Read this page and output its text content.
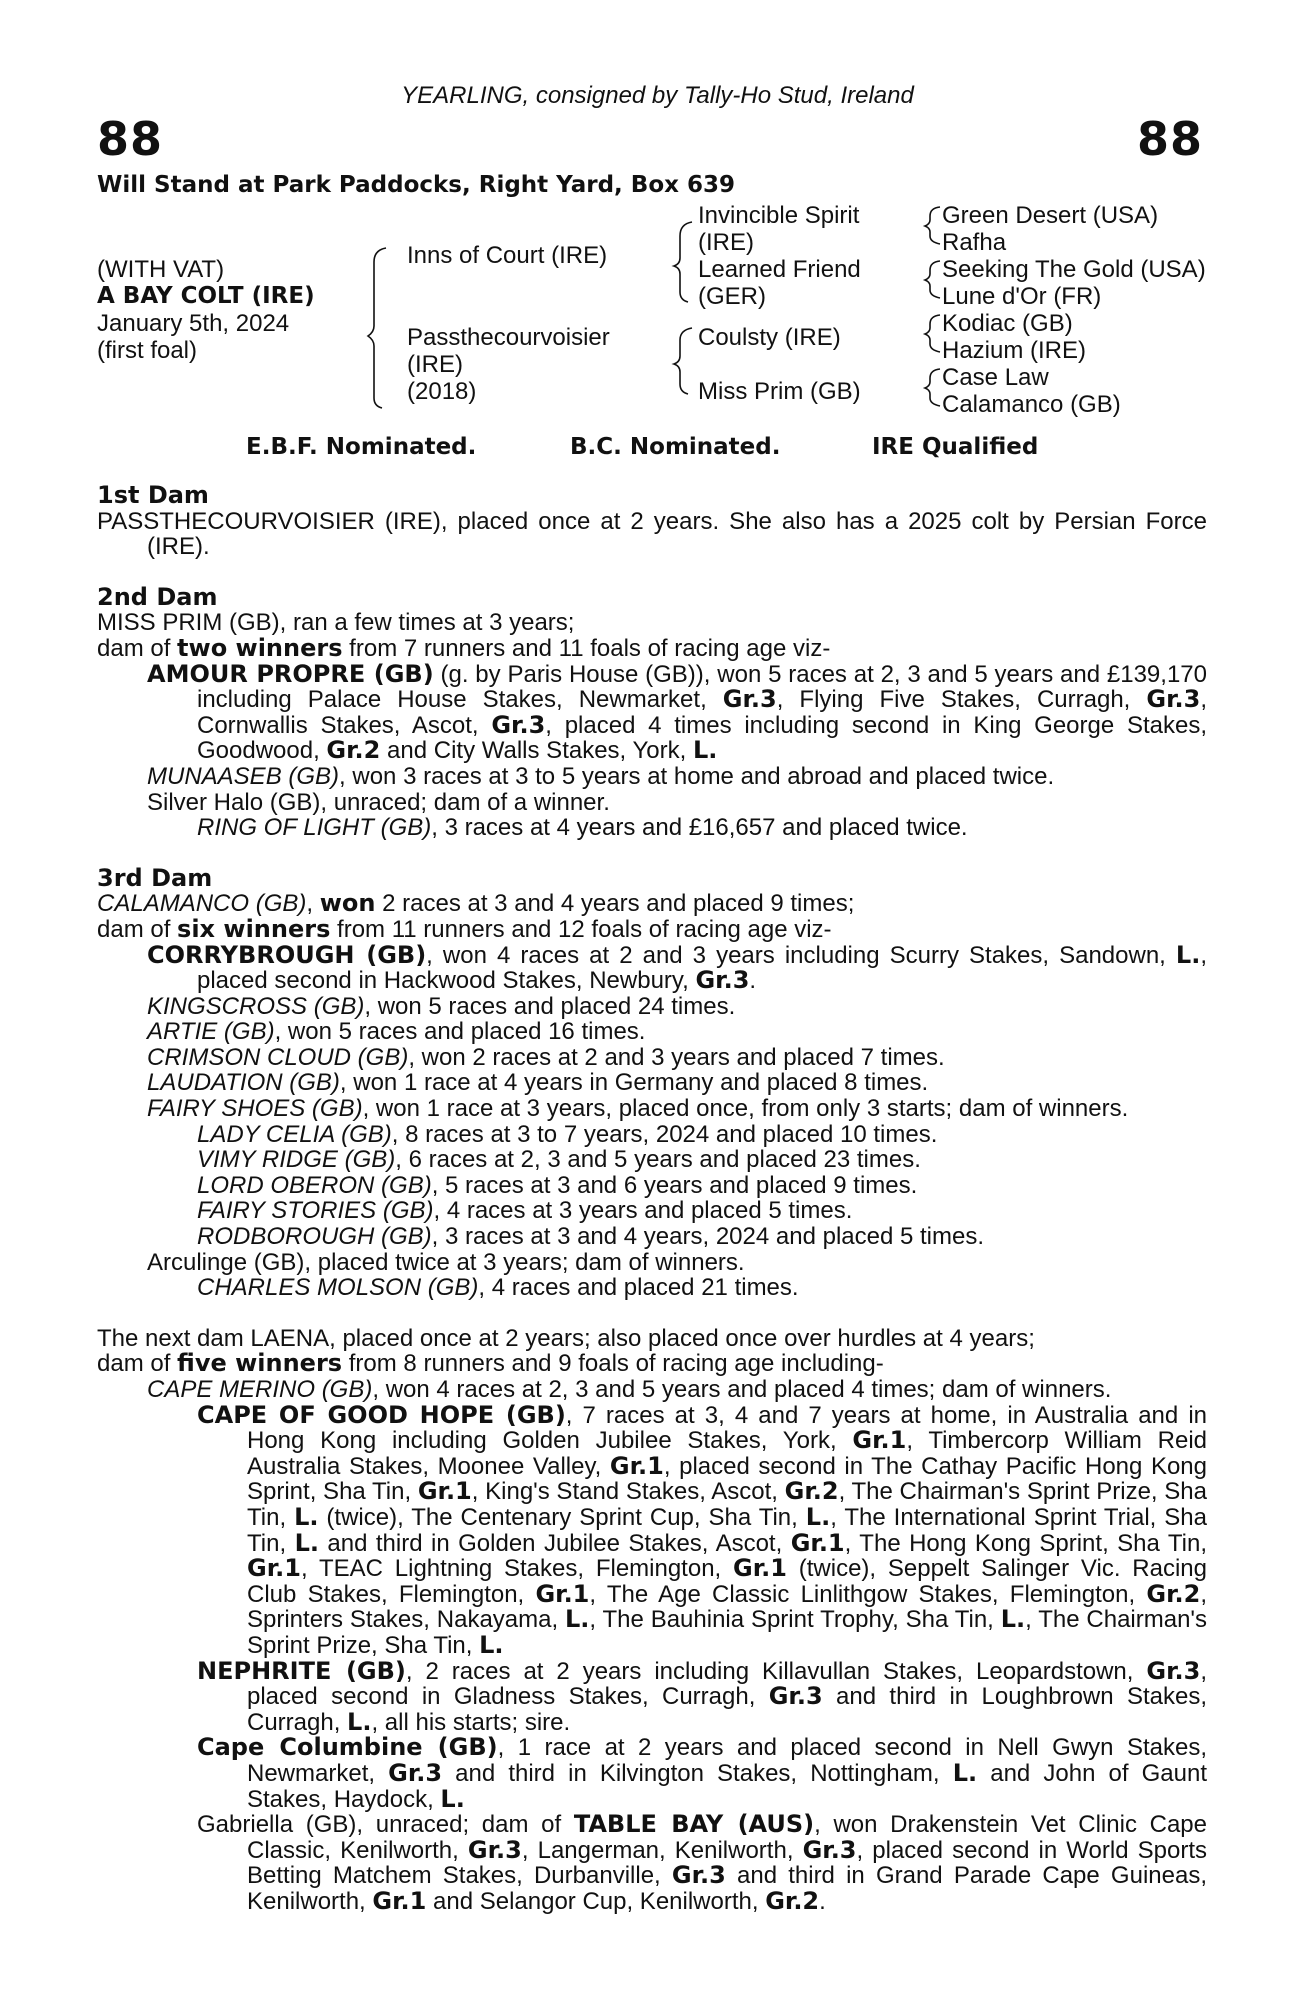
YEARLING, consigned by Tally-Ho Stud, Ireland
88	88
Will Stand at Park Paddocks, Right Yard, Box 639
(WITH VAT)
A BAY COLT (IRE)
January 5th, 2024
(first foal)
Inns of Court (IRE)
Passthecourvoisier
(IRE)
(2018)
Invincible Spirit
(IRE)
Learned Friend
(GER)
Coulsty (IRE)
Miss Prim (GB)
Green Desert (USA)
Rafha
Seeking The Gold (USA)
Lune d'Or (FR)
Kodiac (GB)
Hazium (IRE)
Case Law
Calamanco (GB)
E.B.F. Nominated.	B.C. Nominated.	IRE Qualified

1st Dam

PASSTHECOURVOISIER (IRE), placed once at 2 years. She also has a 2025 colt by Persian Force (IRE).

2nd Dam

MISS PRIM (GB), ran a few times at 3 years;

dam of two winners from 7 runners and 11 foals of racing age viz-

AMOUR PROPRE (GB) (g. by Paris House (GB)), won 5 races at 2, 3 and 5 years and £139,170 including Palace House Stakes, Newmarket, Gr.3, Flying Five Stakes, Curragh, Gr.3, Cornwallis Stakes, Ascot, Gr.3, placed 4 times including second in King George Stakes, Goodwood, Gr.2 and City Walls Stakes, York, L.

MUNAASEB (GB), won 3 races at 3 to 5 years at home and abroad and placed twice.

Silver Halo (GB), unraced; dam of a winner.

RING OF LIGHT (GB), 3 races at 4 years and £16,657 and placed twice.

3rd Dam

CALAMANCO (GB), won 2 races at 3 and 4 years and placed 9 times;

dam of six winners from 11 runners and 12 foals of racing age viz-

CORRYBROUGH (GB), won 4 races at 2 and 3 years including Scurry Stakes, Sandown, L., placed second in Hackwood Stakes, Newbury, Gr.3.

KINGSCROSS (GB), won 5 races and placed 24 times.

ARTIE (GB), won 5 races and placed 16 times.

CRIMSON CLOUD (GB), won 2 races at 2 and 3 years and placed 7 times.

LAUDATION (GB), won 1 race at 4 years in Germany and placed 8 times.

FAIRY SHOES (GB), won 1 race at 3 years, placed once, from only 3 starts; dam of winners.

LADY CELIA (GB), 8 races at 3 to 7 years, 2024 and placed 10 times.

VIMY RIDGE (GB), 6 races at 2, 3 and 5 years and placed 23 times.

LORD OBERON (GB), 5 races at 3 and 6 years and placed 9 times.

FAIRY STORIES (GB), 4 races at 3 years and placed 5 times.

RODBOROUGH (GB), 3 races at 3 and 4 years, 2024 and placed 5 times.

Arculinge (GB), placed twice at 3 years; dam of winners.

CHARLES MOLSON (GB), 4 races and placed 21 times.

The next dam LAENA, placed once at 2 years; also placed once over hurdles at 4 years;

dam of five winners from 8 runners and 9 foals of racing age including-

CAPE MERINO (GB), won 4 races at 2, 3 and 5 years and placed 4 times; dam of winners.

CAPE OF GOOD HOPE (GB), 7 races at 3, 4 and 7 years at home, in Australia and in Hong Kong including Golden Jubilee Stakes, York, Gr.1, Timbercorp William Reid Australia Stakes, Moonee Valley, Gr.1, placed second in The Cathay Pacific Hong Kong Sprint, Sha Tin, Gr.1, King's Stand Stakes, Ascot, Gr.2, The Chairman's Sprint Prize, Sha Tin, L. (twice), The Centenary Sprint Cup, Sha Tin, L., The International Sprint Trial, Sha Tin, L. and third in Golden Jubilee Stakes, Ascot, Gr.1, The Hong Kong Sprint, Sha Tin, Gr.1, TEAC Lightning Stakes, Flemington, Gr.1 (twice), Seppelt Salinger Vic. Racing Club Stakes, Flemington, Gr.1, The Age Classic Linlithgow Stakes, Flemington, Gr.2, Sprinters Stakes, Nakayama, L., The Bauhinia Sprint Trophy, Sha Tin, L., The Chairman's Sprint Prize, Sha Tin, L.

NEPHRITE (GB), 2 races at 2 years including Killavullan Stakes, Leopardstown, Gr.3, placed second in Gladness Stakes, Curragh, Gr.3 and third in Loughbrown Stakes, Curragh, L., all his starts; sire.

Cape Columbine (GB), 1 race at 2 years and placed second in Nell Gwyn Stakes, Newmarket, Gr.3 and third in Kilvington Stakes, Nottingham, L. and John of Gaunt Stakes, Haydock, L.

Gabriella (GB), unraced; dam of TABLE BAY (AUS), won Drakenstein Vet Clinic Cape Classic, Kenilworth, Gr.3, Langerman, Kenilworth, Gr.3, placed second in World Sports Betting Matchem Stakes, Durbanville, Gr.3 and third in Grand Parade Cape Guineas, Kenilworth, Gr.1 and Selangor Cup, Kenilworth, Gr.2.
